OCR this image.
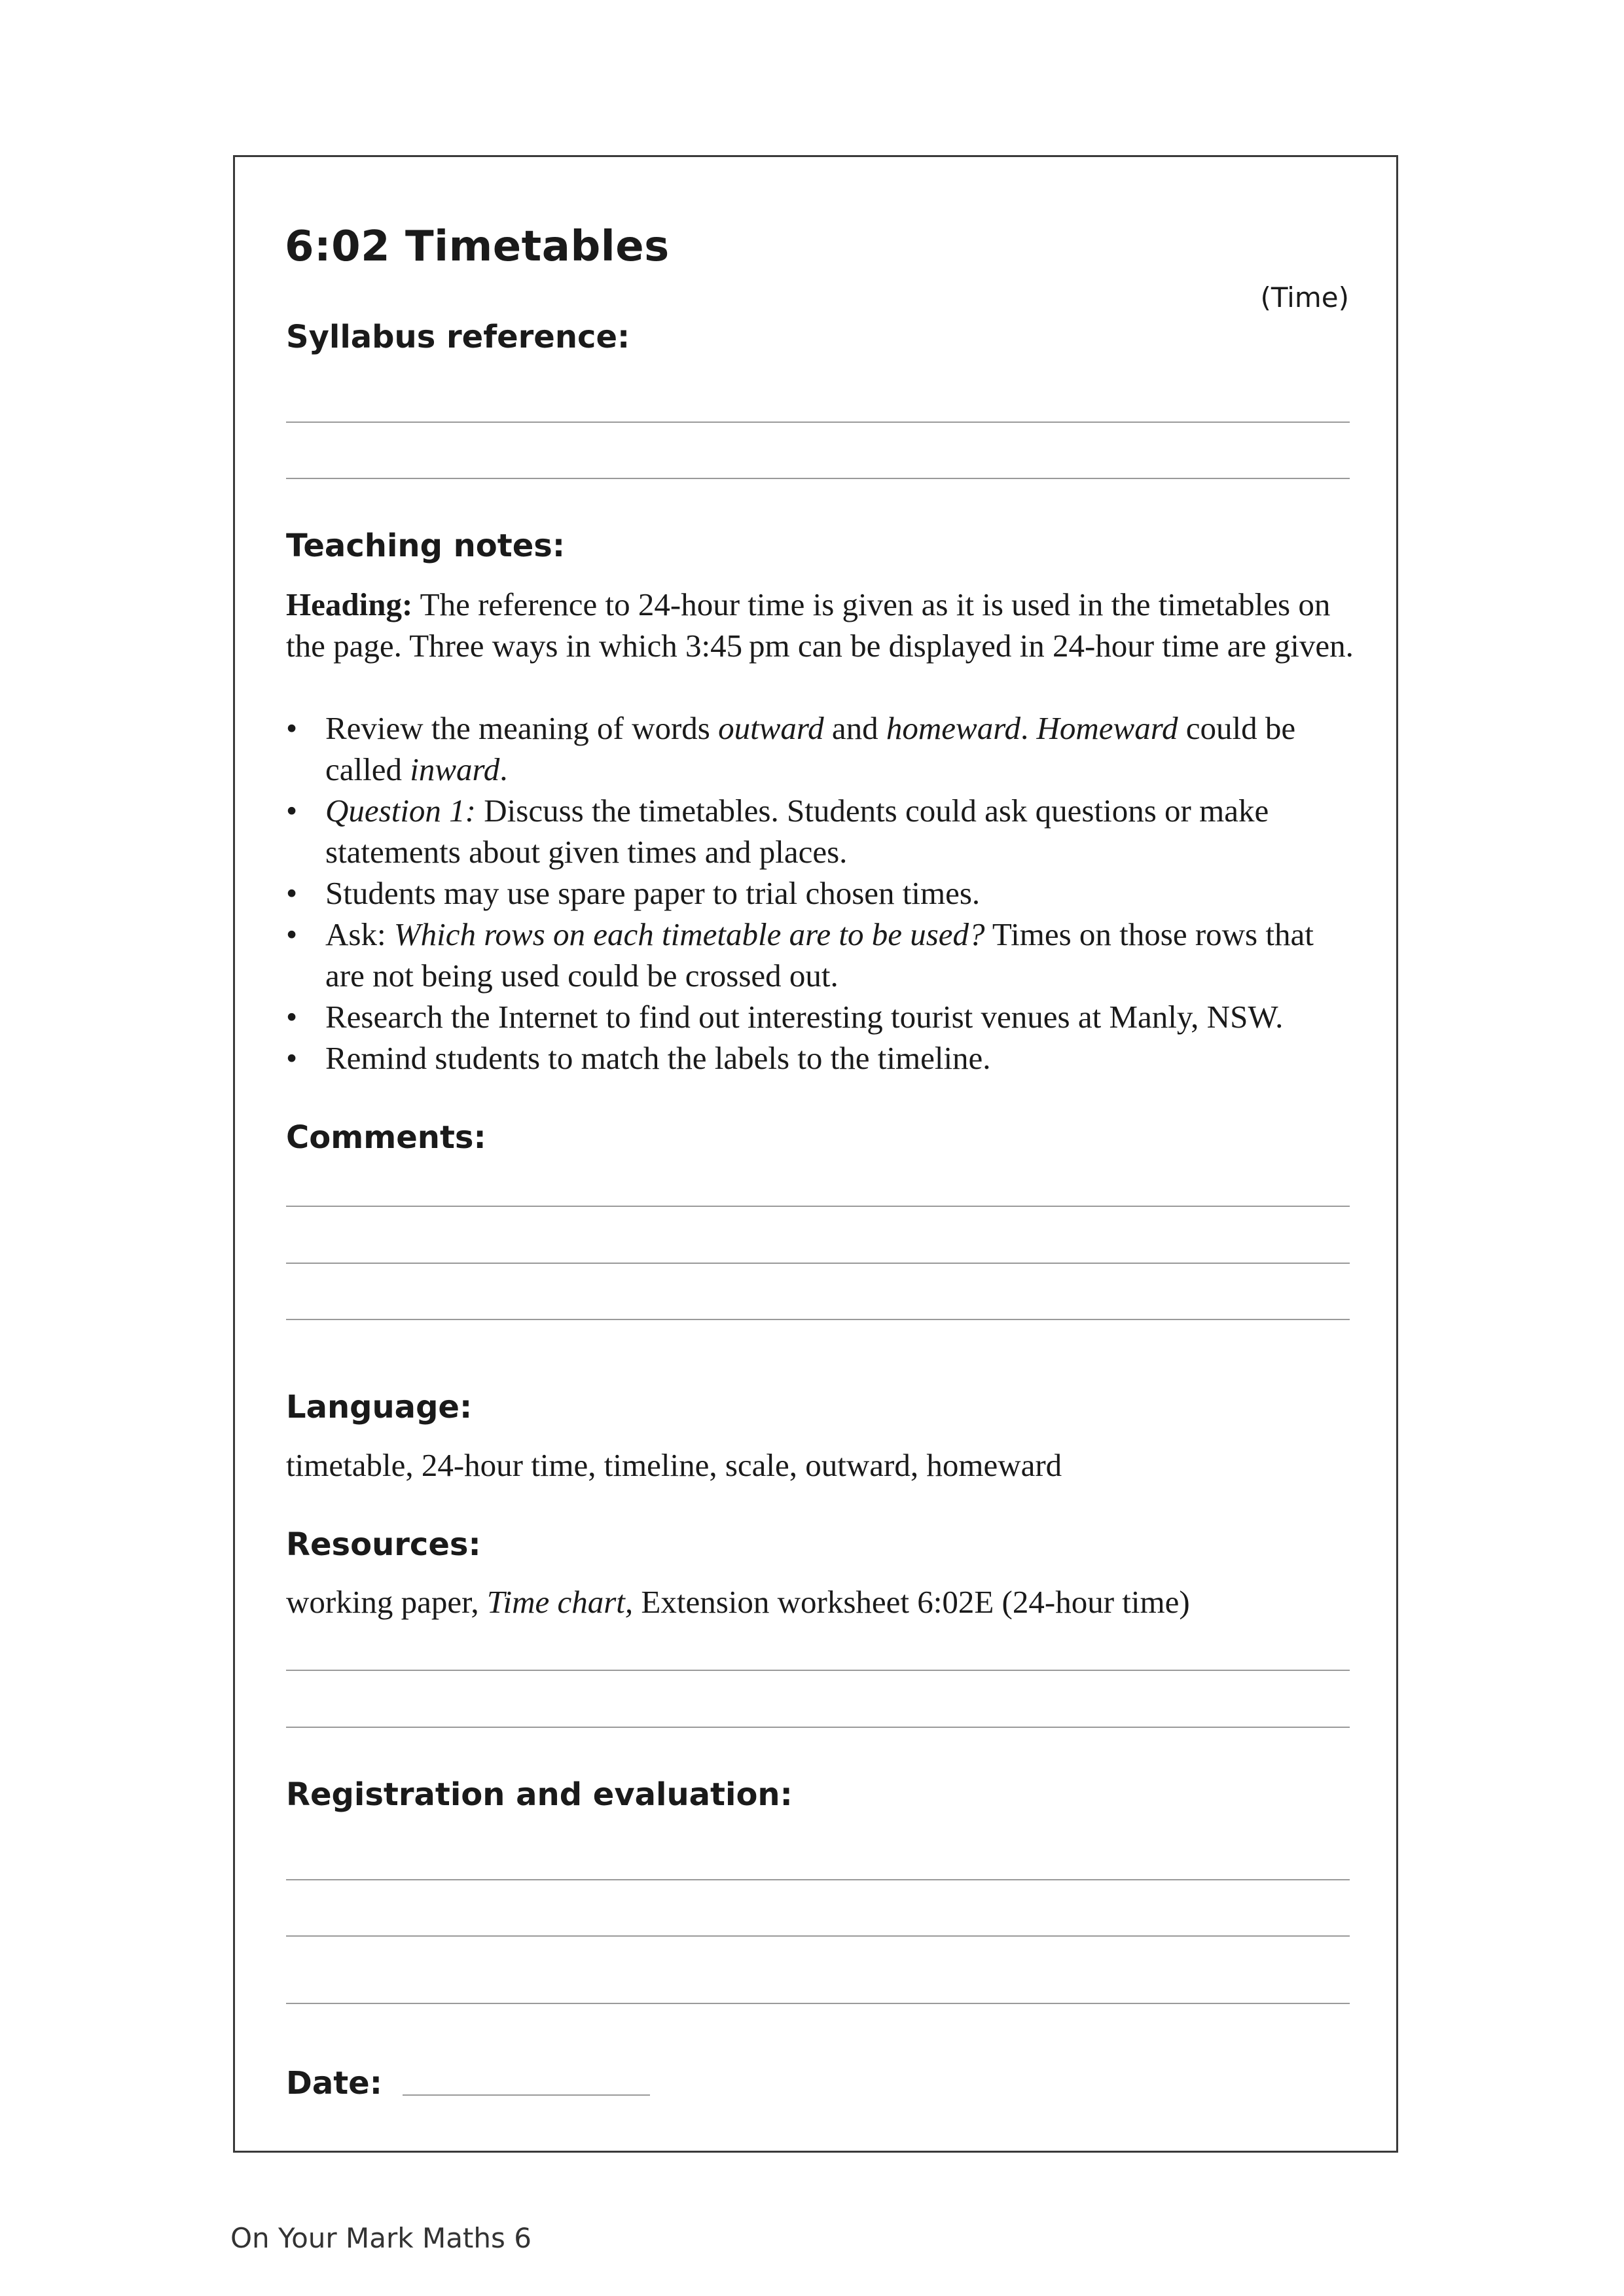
6:02 Timetables
(Time)
Syllabus reference:
Teaching notes:
Heading: The reference to 24-hour time is given as it is used in the timetables on the page. Three ways in which 3:45 pm can be displayed in 24-hour time are given.
• Review the meaning of words outward and homeward. Homeward could be called inward.
• Question 1: Discuss the timetables. Students could ask questions or make statements about given times and places.
• Students may use spare paper to trial chosen times.
• Ask: Which rows on each timetable are to be used? Times on those rows that are not being used could be crossed out.
• Research the Internet to find out interesting tourist venues at Manly, NSW.
• Remind students to match the labels to the timeline.
Comments:
Language:
timetable, 24-hour time, timeline, scale, outward, homeward
Resources:
working paper, Time chart, Extension worksheet 6:02E (24-hour time)
Registration and evaluation:
Date:
On Your Mark Maths 6
